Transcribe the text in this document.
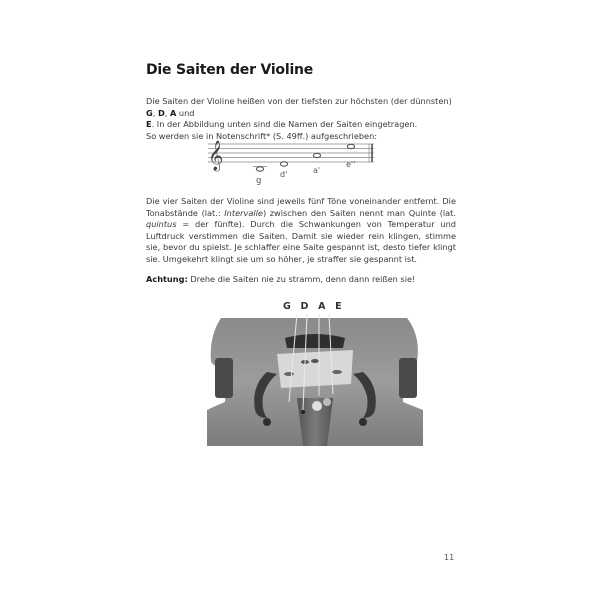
Die Saiten der Violine
Die Saiten der Violine heißen von der tiefsten zur höchsten (der dünnsten) G, D, A und
E. In der Abbildung unten sind die Namen der Saiten eingetragen.
So werden sie in Notenschrift* (S. 49ff.) aufgeschrieben:
𝄞
g
d'	a'
e''
Die vier Saiten der Violine sind jeweils fünf Töne voneinander entfernt. Die Tonabstände (lat.: Intervalle) zwischen den Saiten nennt man Quinte (lat. quintus = der fünfte). Durch die Schwankungen von Temperatur und Luftdruck verstimmen die Saiten. Damit sie wieder rein klingen, stimme sie, bevor du spielst. Je schlaffer eine Saite gespannt ist, desto tiefer klingt sie. Umgekehrt klingt sie um so höher, je straffer sie gespannt ist.
Achtung: Drehe die Saiten nie zu stramm, denn dann reißen sie!
G D A E
11
